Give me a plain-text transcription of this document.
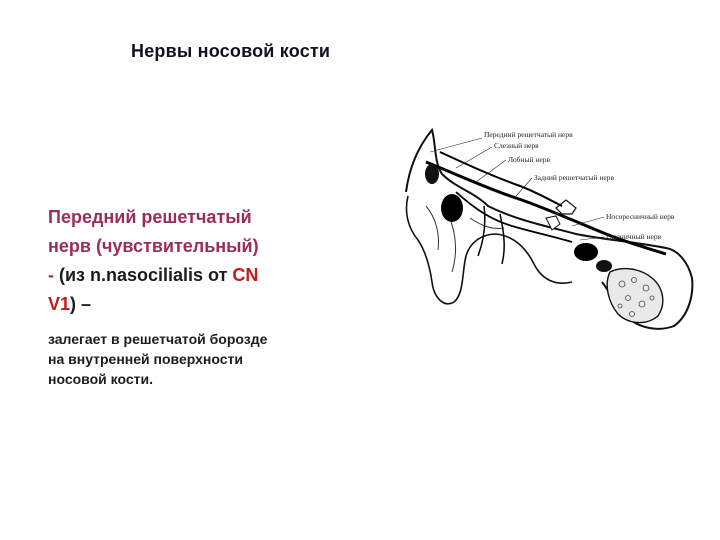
Нервы носовой кости
Передний решетчатый
нерв (чувствительный)
- (из n.nasocilialis от CN
V1) –
залегает в решетчатой борозде
на внутренней поверхности
носовой кости.
Передний решетчатый нерв
Слезный нерв
Лобный нерв
Задний решетчатый нерв
Носоресничный нерв
Глазничный нерв
